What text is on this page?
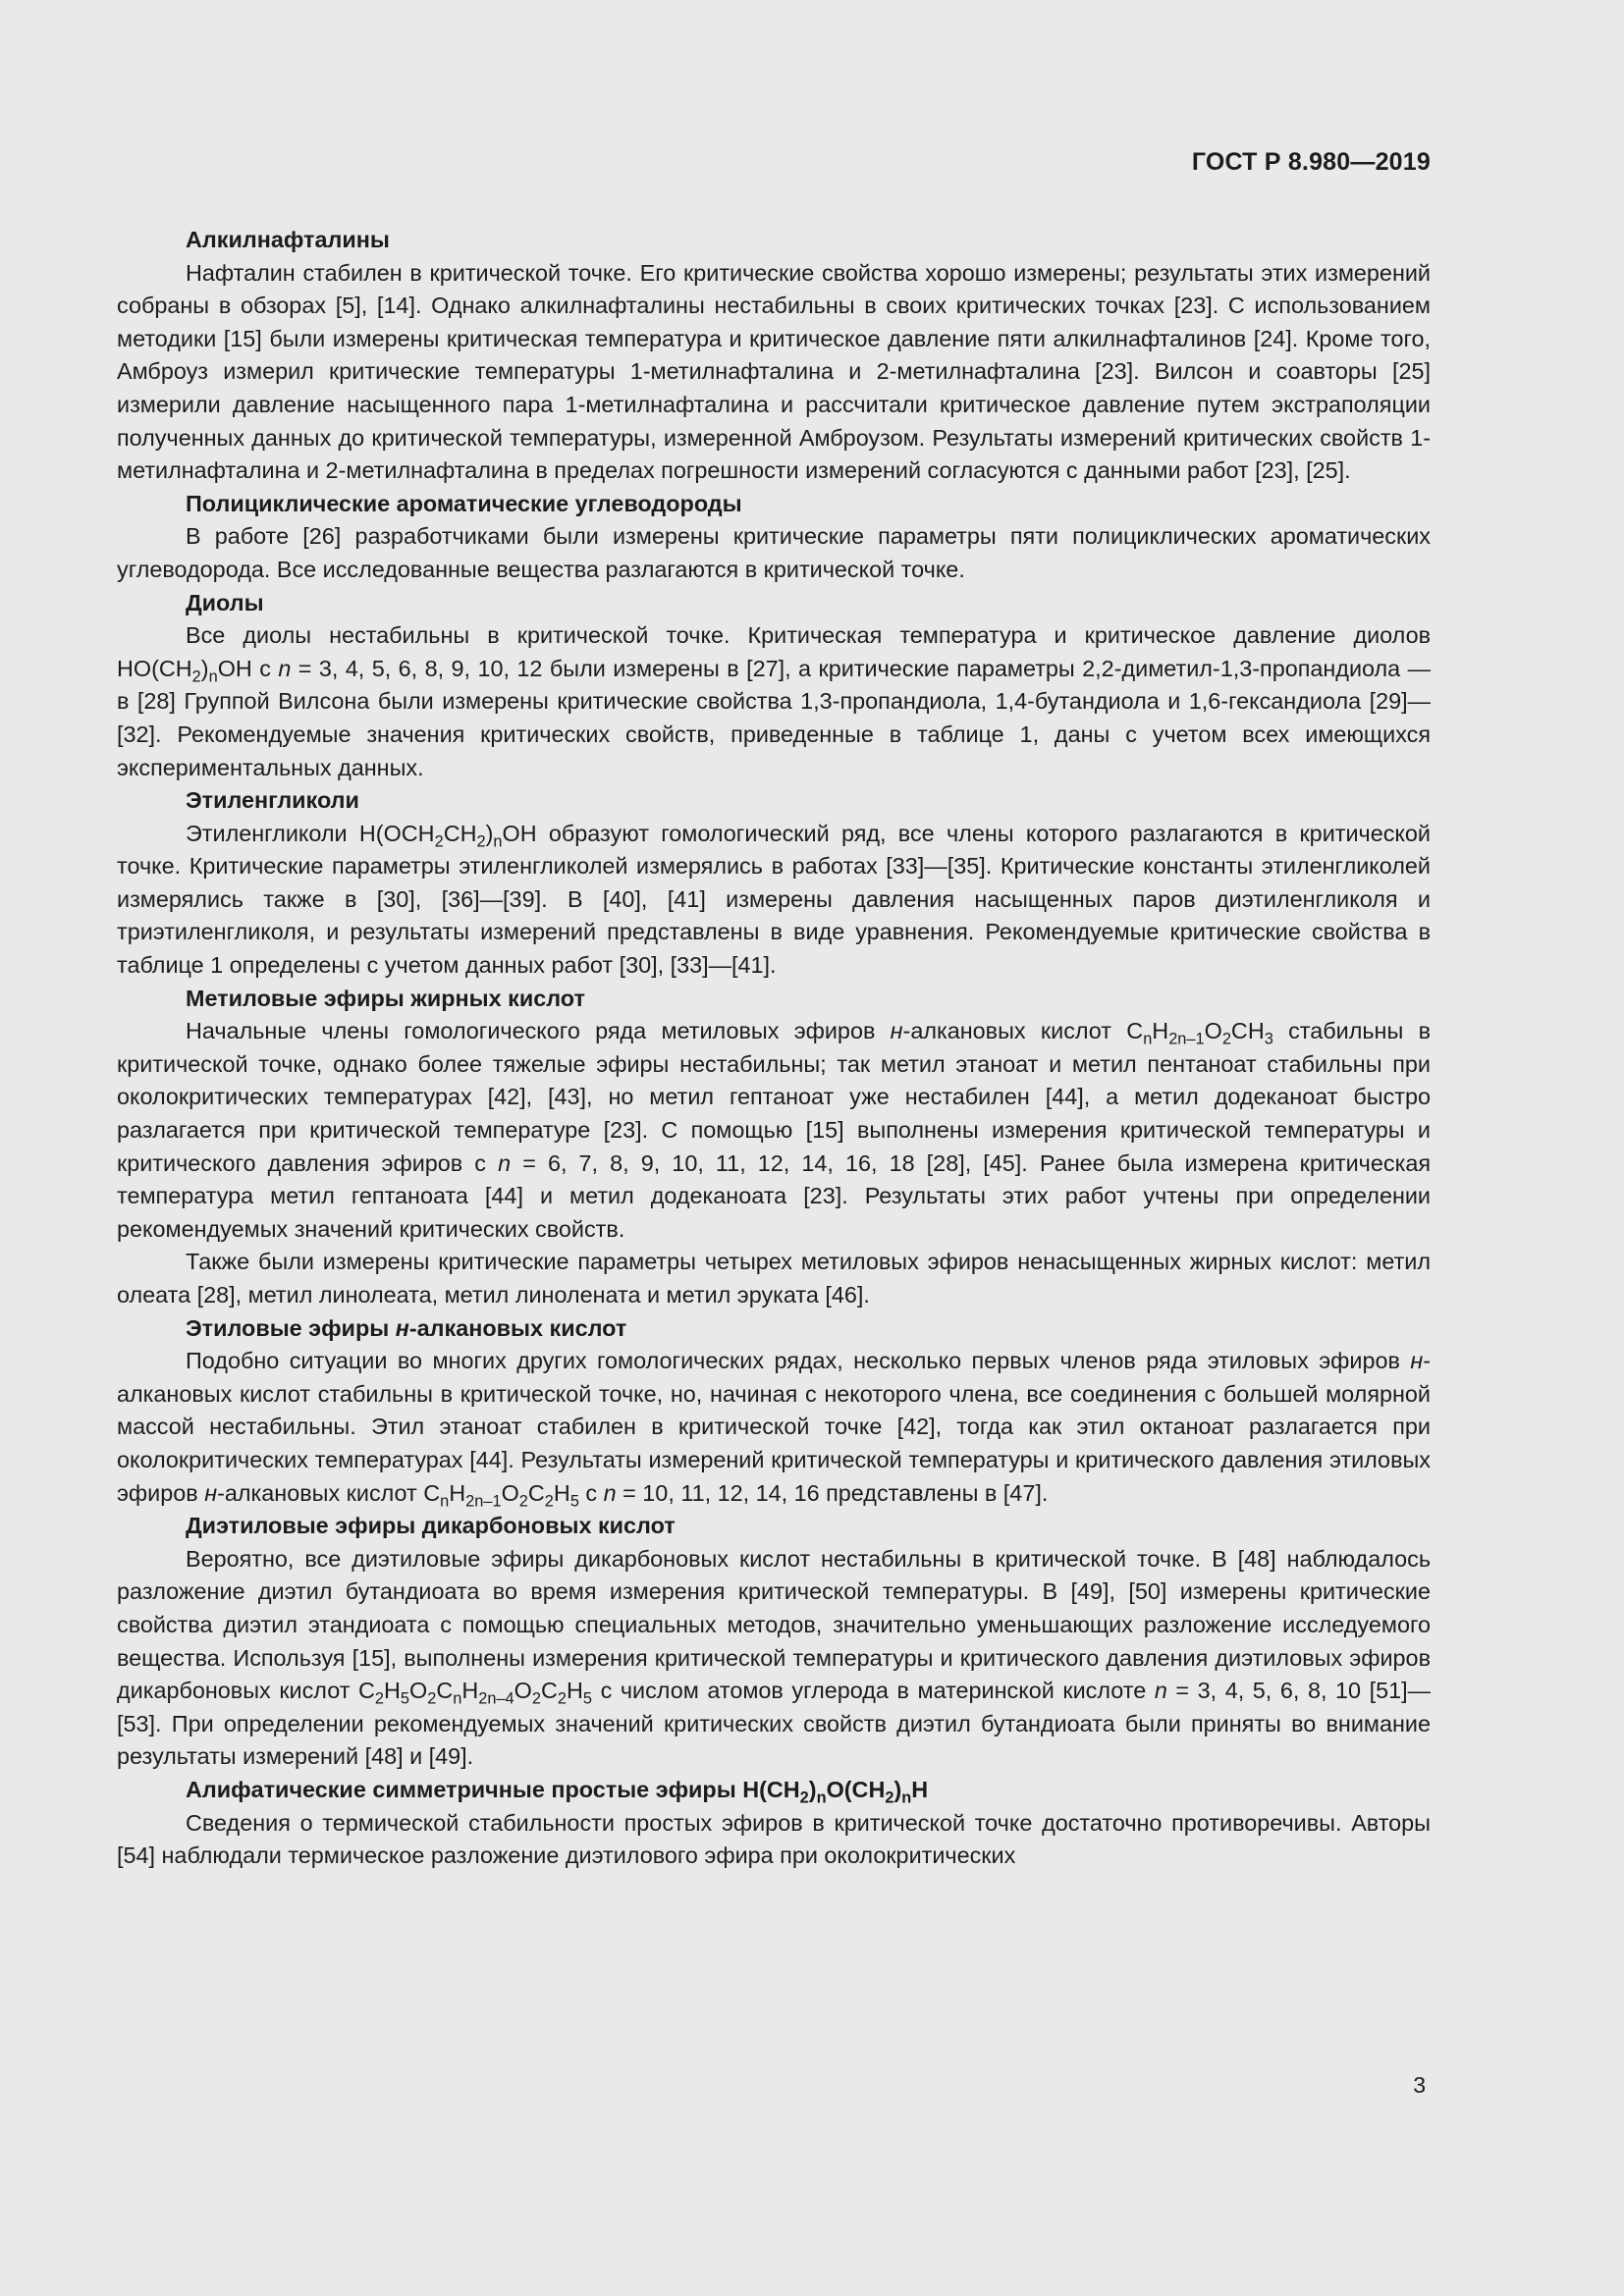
ГОСТ Р 8.980—2019
Алкилнафталины
Нафталин стабилен в критической точке. Его критические свойства хорошо измерены; результаты этих измерений собраны в обзорах [5], [14]. Однако алкилнафталины нестабильны в своих критических точках [23]. С использованием методики [15] были измерены критическая температура и критическое давление пяти алкилнафталинов [24]. Кроме того, Амброуз измерил критические температуры 1-метилнафталина и 2-метилнафталина [23]. Вилсон и соавторы [25] измерили давление насыщенного пара 1-метилнафталина и рассчитали критическое давление путем экстраполяции полученных данных до критической температуры, измеренной Амброузом. Результаты измерений критических свойств 1-метилнафталина и 2-метилнафталина в пределах погрешности измерений согласуются с данными работ [23], [25].
Полициклические ароматические углеводороды
В работе [26] разработчиками были измерены критические параметры пяти полициклических ароматических углеводорода. Все исследованные вещества разлагаются в критической точке.
Диолы
Все диолы нестабильны в критической точке. Критическая температура и критическое давление диолов $HO(CH_2)_nOH$ с n = 3, 4, 5, 6, 8, 9, 10, 12 были измерены в [27], а критические параметры 2,2-диметил-1,3-пропандиола — в [28] Группой Вилсона были измерены критические свойства 1,3-пропандиола, 1,4-бутандиола и 1,6-гександиола [29]—[32]. Рекомендуемые значения критических свойств, приведенные в таблице 1, даны с учетом всех имеющихся экспериментальных данных.
Этиленгликоли
Этиленгликоли $H(OCH_2CH_2)_nOH$ образуют гомологический ряд, все члены которого разлагаются в критической точке. Критические параметры этиленгликолей измерялись в работах [33]—[35]. Критические константы этиленгликолей измерялись также в [30], [36]—[39]. В [40], [41] измерены давления насыщенных паров диэтиленгликоля и триэтиленгликоля, и результаты измерений представлены в виде уравнения. Рекомендуемые критические свойства в таблице 1 определены с учетом данных работ [30], [33]—[41].
Метиловые эфиры жирных кислот
Начальные члены гомологического ряда метиловых эфиров н-алкановых кислот $C_nH_{2n-1}O_2CH_3$ стабильны в критической точке, однако более тяжелые эфиры нестабильны; так метил этаноат и метил пентаноат стабильны при околокритических температурах [42], [43], но метил гептаноат уже нестабилен [44], а метил додеканоат быстро разлагается при критической температуре [23]. С помощью [15] выполнены измерения критической температуры и критического давления эфиров с n = 6, 7, 8, 9, 10, 11, 12, 14, 16, 18 [28], [45]. Ранее была измерена критическая температура метил гептаноата [44] и метил додеканоата [23]. Результаты этих работ учтены при определении рекомендуемых значений критических свойств.
Также были измерены критические параметры четырех метиловых эфиров ненасыщенных жирных кислот: метил олеата [28], метил линолеата, метил линолената и метил эруката [46].
Этиловые эфиры н-алкановых кислот
Подобно ситуации во многих других гомологических рядах, несколько первых членов ряда этиловых эфиров н-алкановых кислот стабильны в критической точке, но, начиная с некоторого члена, все соединения с большей молярной массой нестабильны. Этил этаноат стабилен в критической точке [42], тогда как этил октаноат разлагается при околокритических температурах [44]. Результаты измерений критической температуры и критического давления этиловых эфиров н-алкановых кислот $C_nH_{2n-1}O_2C_2H_5$ с n = 10, 11, 12, 14, 16 представлены в [47].
Диэтиловые эфиры дикарбоновых кислот
Вероятно, все диэтиловые эфиры дикарбоновых кислот нестабильны в критической точке. В [48] наблюдалось разложение диэтил бутандиоата во время измерения критической температуры. В [49], [50] измерены критические свойства диэтил этандиоата с помощью специальных методов, значительно уменьшающих разложение исследуемого вещества. Используя [15], выполнены измерения критической температуры и критического давления диэтиловых эфиров дикарбоновых кислот $C_2H_5O_2C_nH_{2n-4}O_2C_2H_5$ с числом атомов углерода в материнской кислоте n = 3, 4, 5, 6, 8, 10 [51]—[53]. При определении рекомендуемых значений критических свойств диэтил бутандиоата были приняты во внимание результаты измерений [48] и [49].
Алифатические симметричные простые эфиры $H(CH_2)_nO(CH_2)_nH$
Сведения о термической стабильности простых эфиров в критической точке достаточно противоречивы. Авторы [54] наблюдали термическое разложение диэтилового эфира при околокритических
3
